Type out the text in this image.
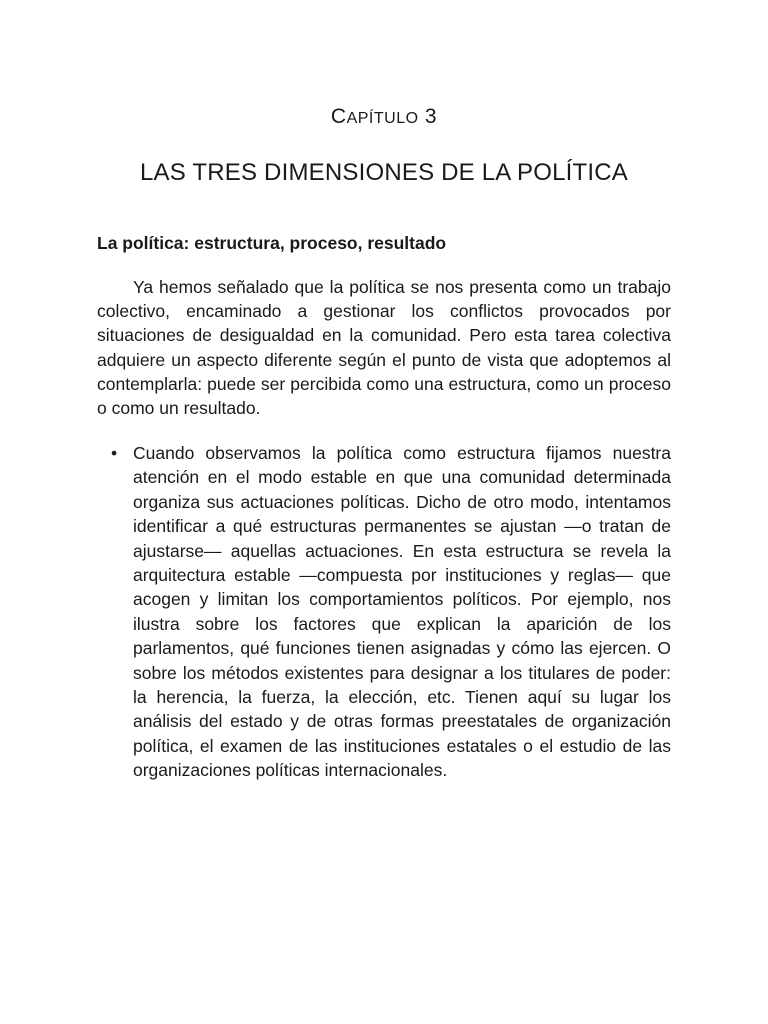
CAPÍTULO 3
LAS TRES DIMENSIONES DE LA POLÍTICA
La política: estructura, proceso, resultado

Ya hemos señalado que la política se nos presenta como un trabajo colectivo, encaminado a gestionar los conflictos provocados por situaciones de desigualdad en la comunidad. Pero esta tarea colectiva adquiere un aspecto diferente según el punto de vista que adoptemos al contemplarla: puede ser percibida como una estructura, como un proceso o como un resultado.

• Cuando observamos la política como estructura fijamos nuestra atención en el modo estable en que una comunidad determinada organiza sus actuaciones políticas. Dicho de otro modo, intentamos identificar a qué estructuras permanentes se ajustan —o tratan de ajustarse— aquellas actuaciones. En esta estructura se revela la arquitectura estable —compuesta por instituciones y reglas— que acogen y limitan los comportamientos políticos. Por ejemplo, nos ilustra sobre los factores que explican la aparición de los parlamentos, qué funciones tienen asignadas y cómo las ejercen. O sobre los métodos existentes para designar a los titulares de poder: la herencia, la fuerza, la elección, etc. Tienen aquí su lugar los análisis del estado y de otras formas preestatales de organización política, el examen de las instituciones estatales o el estudio de las organizaciones políticas internacionales.
